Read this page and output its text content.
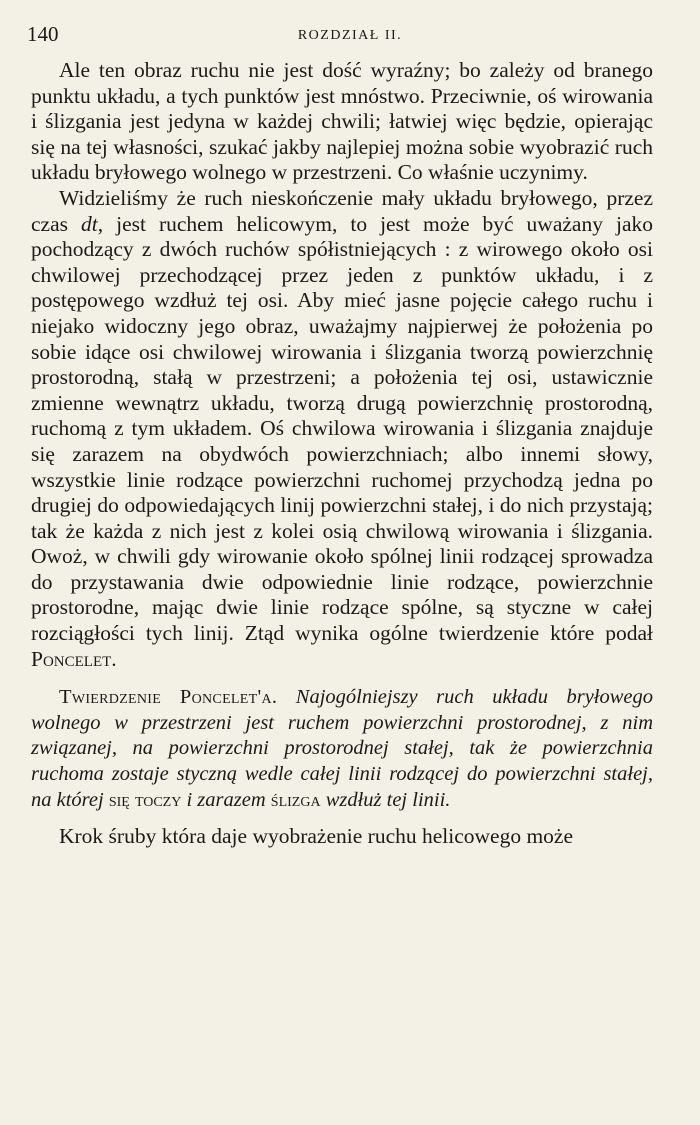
140	ROZDZIAŁ II.

Ale ten obraz ruchu nie jest dość wyraźny; bo zależy od branego punktu układu, a tych punktów jest mnóstwo. Przeciwnie, oś wirowania i ślizgania jest jedyna w każdej chwili; łatwiej więc będzie, opierając się na tej własności, szukać jakby najlepiej można sobie wyobrazić ruch układu bryłowego wolnego w przestrzeni. Co właśnie uczynimy.

Widzieliśmy że ruch nieskończenie mały układu bryłowego, przez czas dt, jest ruchem helicowym, to jest może być uważany jako pochodzący z dwóch ruchów spółistniejących : z wirowego około osi chwilowej przechodzącej przez jeden z punktów układu, i z postępowego wzdłuż tej osi. Aby mieć jasne pojęcie całego ruchu i niejako widoczny jego obraz, uważajmy najpierwej że położenia po sobie idące osi chwilowej wirowania i ślizgania tworzą powierzchnię prostorodną, stałą w przestrzeni; a położenia tej osi, ustawicznie zmienne wewnątrz układu, tworzą drugą powierzchnię prostorodną, ruchomą z tym układem. Oś chwilowa wirowania i ślizgania znajduje się zarazem na obydwóch powierzchniach; albo innemi słowy, wszystkie linie rodzące powierzchni ruchomej przychodzą jedna po drugiej do odpowiedających linij powierzchni stałej, i do nich przystają; tak że każda z nich jest z kolei osią chwilową wirowania i ślizgania. Owoż, w chwili gdy wirowanie około spólnej linii rodzącej sprowadza do przystawania dwie odpowiednie linie rodzące, powierzchnie prostorodne, mając dwie linie rodzące spólne, są styczne w całej rozciągłości tych linij. Ztąd wynika ogólne twierdzenie które podał Poncelet.

Twierdzenie Poncelet'a. Najogólniejszy ruch układu bryłowego wolnego w przestrzeni jest ruchem powierzchni prostorodnej, z nim związanej, na powierzchni prostorodnej stałej, tak że powierzchnia ruchoma zostaje styczną wedle całej linii rodzącej do powierzchni stałej, na której się toczy i zarazem ślizga wzdłuż tej linii.

Krok śruby która daje wyobrażenie ruchu helicowego może
